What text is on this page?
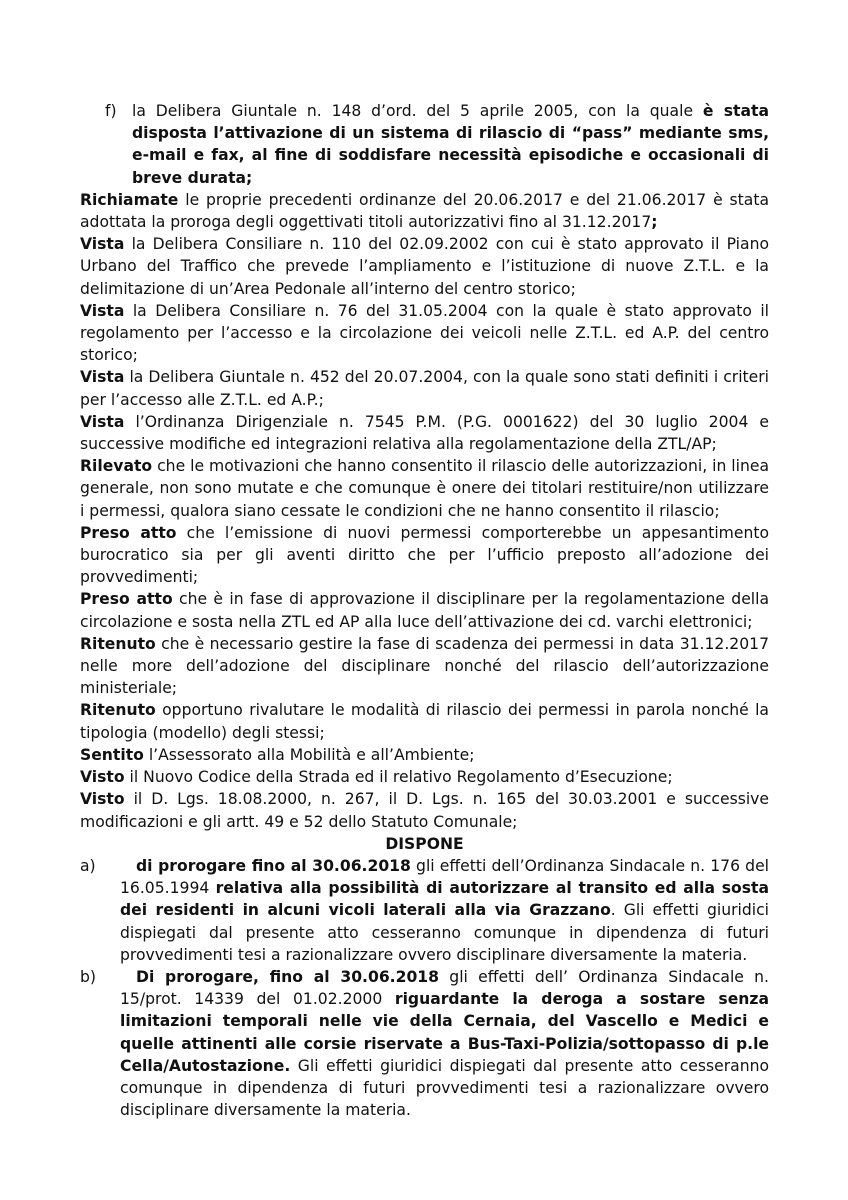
f) la Delibera Giuntale n. 148 d’ord. del 5 aprile 2005, con la quale è stata disposta l’attivazione di un sistema di rilascio di “pass” mediante sms, e-mail e fax, al fine di soddisfare necessità episodiche e occasionali di breve durata;

Richiamate le proprie precedenti ordinanze del 20.06.2017 e del 21.06.2017 è stata adottata la proroga degli oggettivati titoli autorizzativi fino al 31.12.2017;

Vista la Delibera Consiliare n. 110 del 02.09.2002 con cui è stato approvato il Piano Urbano del Traffico che prevede l’ampliamento e l’istituzione di nuove Z.T.L. e la delimitazione di un’Area Pedonale all’interno del centro storico;

Vista la Delibera Consiliare n. 76 del 31.05.2004 con la quale è stato approvato il regolamento per l’accesso e la circolazione dei veicoli nelle Z.T.L. ed A.P. del centro storico;

Vista la Delibera Giuntale n. 452 del 20.07.2004, con la quale sono stati definiti i criteri per l’accesso alle Z.T.L. ed A.P.;

Vista l’Ordinanza Dirigenziale n. 7545 P.M. (P.G. 0001622) del 30 luglio 2004 e successive modifiche ed integrazioni relativa alla regolamentazione della ZTL/AP;

Rilevato che le motivazioni che hanno consentito il rilascio delle autorizzazioni, in linea generale, non sono mutate e che comunque è onere dei titolari restituire/non utilizzare i permessi, qualora siano cessate le condizioni che ne hanno consentito il rilascio;

Preso atto che l’emissione di nuovi permessi comporterebbe un appesantimento burocratico sia per gli aventi diritto che per l’ufficio preposto all’adozione dei provvedimenti;

Preso atto che è in fase di approvazione il disciplinare per la regolamentazione della circolazione e sosta nella ZTL ed AP alla luce dell’attivazione dei cd. varchi elettronici;

Ritenuto che è necessario gestire la fase di scadenza dei permessi in data 31.12.2017 nelle more dell’adozione del disciplinare nonché del rilascio dell’autorizzazione ministeriale;

Ritenuto opportuno rivalutare le modalità di rilascio dei permessi in parola nonché la tipologia (modello) degli stessi;

Sentito l’Assessorato alla Mobilità e all’Ambiente;

Visto il Nuovo Codice della Strada ed il relativo Regolamento d’Esecuzione;

Visto il D. Lgs. 18.08.2000, n. 267, il D. Lgs. n. 165 del 30.03.2001 e successive modificazioni e gli artt. 49 e 52 dello Statuto Comunale;

DISPONE

a)	di prorogare fino al 30.06.2018 gli effetti dell’Ordinanza Sindacale n. 176 del 16.05.1994 relativa alla possibilità di autorizzare al transito ed alla sosta dei residenti in alcuni vicoli laterali alla via Grazzano. Gli effetti giuridici dispiegati dal presente atto cesseranno comunque in dipendenza di futuri provvedimenti tesi a razionalizzare ovvero disciplinare diversamente la materia.

b)	Di prorogare, fino al 30.06.2018 gli effetti dell’ Ordinanza Sindacale n. 15/prot. 14339 del 01.02.2000 riguardante la deroga a sostare senza limitazioni temporali nelle vie della Cernaia, del Vascello e Medici e quelle attinenti alle corsie riservate a Bus-Taxi-Polizia/sottopasso di p.le Cella/Autostazione. Gli effetti giuridici dispiegati dal presente atto cesseranno comunque in dipendenza di futuri provvedimenti tesi a razionalizzare ovvero disciplinare diversamente la materia.
